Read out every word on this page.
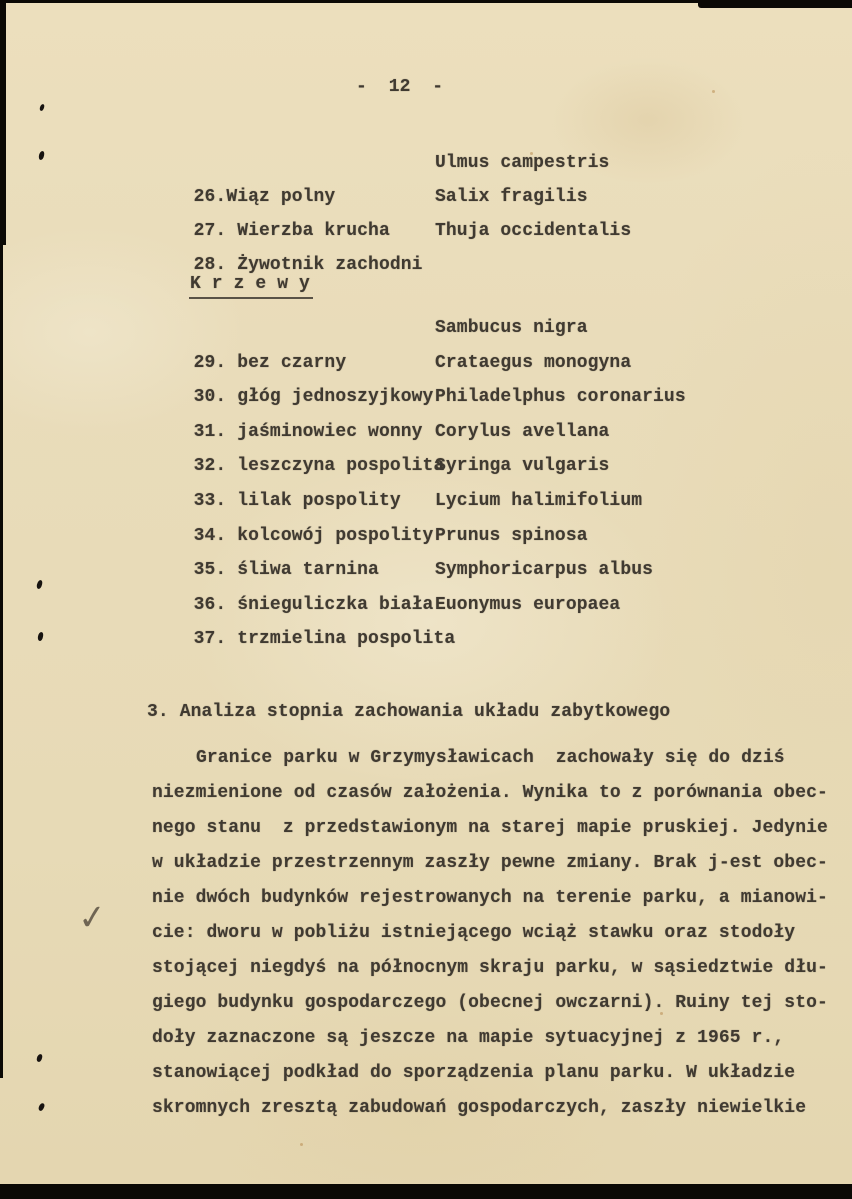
-  12  -

26.Wiąz polny

Ulmus campestris

27. Wierzba krucha

Salix fragilis

28. Żywotnik zachodni

Thuja occidentalis

K r z e w y

29. bez czarny

Sambucus nigra

30. głóg jednoszyjkowy

Crataegus monogyna

31. jaśminowiec wonny

Philadelphus coronarius

32. leszczyna pospolita

Corylus avellana

33. lilak pospolity

Syringa vulgaris

34. kolcowój pospolity

Lycium halimifolium

35. śliwa tarnina

Prunus spinosa

36. śnieguliczka biała

Symphoricarpus albus

37. trzmielina pospolita

Euonymus europaea

3. Analiza stopnia zachowania układu zabytkowego
Granice parku w Grzymysławicach  zachowały się do dziś
niezmienione od czasów założenia. Wynika to z porównania obec-
nego stanu  z przedstawionym na starej mapie pruskiej. Jedynie
w układzie przestrzennym zaszły pewne zmiany. Brak j-est obec-
nie dwóch budynków rejestrowanych na terenie parku, a mianowi-
cie: dworu w pobliżu istniejącego wciąż stawku oraz stodoły
stojącej niegdyś na północnym skraju parku, w sąsiedztwie dłu-
giego budynku gospodarczego (obecnej owczarni). Ruiny tej sto-
doły zaznaczone są jeszcze na mapie sytuacyjnej z 1965 r.,
stanowiącej podkład do sporządzenia planu parku. W układzie
skromnych zresztą zabudowań gospodarczych, zaszły niewielkie
✓
